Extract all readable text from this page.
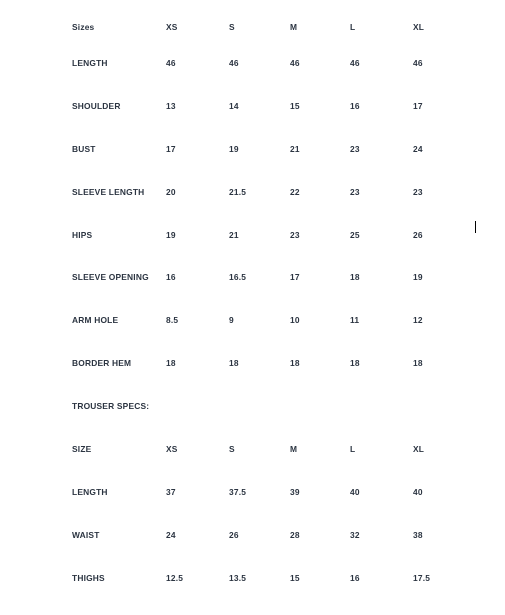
Sizes	XS	S	M	L	XL
LENGTH	46	46	46	46	46
SHOULDER	13	14	15	16	17
BUST	17	19	21	23	24
SLEEVE LENGTH	20	21.5	22	23	23
HIPS	19	21	23	25	26
SLEEVE OPENING 16	16.5	17	18	19
ARM HOLE	8.5	9	10	11	12
BORDER HEM	18	18	18	18	18
TROUSER SPECS:
SIZE	XS	S	M	L	XL
LENGTH	37	37.5	39	40	40
WAIST	24	26	28	32	38
THIGHS	12.5	13.5	15	16	17.5
